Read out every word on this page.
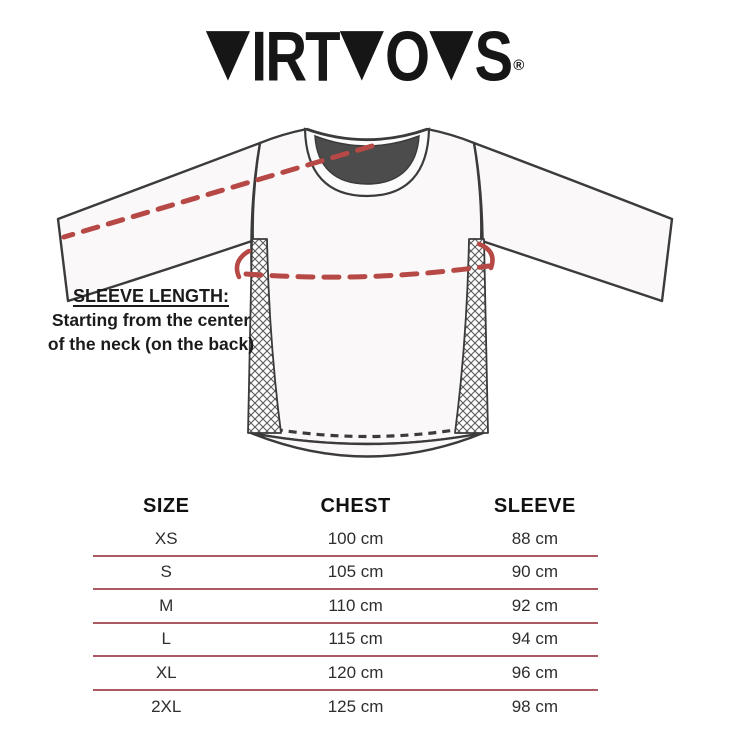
IRT O S ®
SLEEVE LENGTH:
Starting from the center
of the neck (on the back)
SIZE	CHEST	SLEEVE
XS	100 cm	88 cm
S	105 cm	90 cm
M	110 cm	92 cm
L	115 cm	94 cm
XL	120 cm	96 cm
2XL	125 cm	98 cm
